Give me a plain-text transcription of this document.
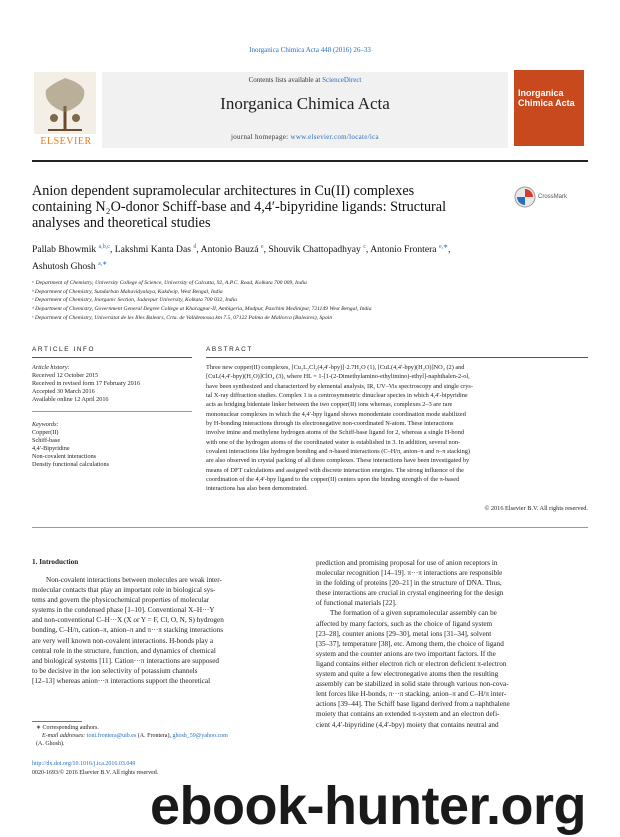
Inorganica Chimica Acta 448 (2016) 26–33
ELSEVIER
Contents lists available at ScienceDirect
Inorganica Chimica Acta
journal homepage: www.elsevier.com/locate/ica
Inorganica Chimica Acta
Anion dependent supramolecular architectures in Cu(II) complexes
containing N₂O-donor Schiff-base and 4,4′-bipyridine ligands: Structural
analyses and theoretical studies
CrossMark
Pallab Bhowmik $^{a,b,c}$, Lakshmi Kanta Das $^d$, Antonio Bauzá $^e$, Shouvik Chattopadhyay $^c$, Antonio Frontera $^{e,∗}$,
Ashutosh Ghosh $^{a,∗}$
ᵃ Department of Chemistry, University College of Science, University of Calcutta, 92, A.P.C. Road, Kolkata 700 009, India
ᵇ Department of Chemistry, Sundarban Mahavidyalaya, Kakdwip, West Bengal, India
ᶜ Department of Chemistry, Inorganic Section, Jadavpur University, Kolkata 700 032, India
ᵈ Department of Chemistry, Government General Degree College at Kharagpur-II, Ambigeria, Madpur, Paschim Medinipur, 721149 West Bengal, India
ᵉ Department of Chemistry, Universitat de les Illes Balears, Crta. de Valldemossa km 7.5, 07122 Palma de Mallorca (Baleares), Spain
ARTICLE INFO
Article history:
Received 12 October 2015
Received in revised form 17 February 2016
Accepted 30 March 2016
Available online 12 April 2016
Keywords:
Copper(II)
Schiff-base
4,4′-Bipyridine
Non-covalent interactions
Density functional calculations
ABSTRACT
Three new copper(II) complexes, [Cu₂L₂Cl₂(4,4′-bpy)]·2.7H₂O (1), [CuL(4,4′-bpy)(H₂O)]NO₃ (2) and
[CuL(4,4′-bpy)(H₂O)]ClO₄ (3), where HL = 1-[1-(2-Dimethylamino-ethylimino)-ethyl]-naphthalen-2-ol,
have been synthesized and characterized by elemental analysis, IR, UV–Vis spectroscopy and single crys-
tal X-ray diffraction studies. Complex 1 is a centrosymmetric dinuclear species in which 4,4′-bipyridine
acts as bridging bidentate linker between the two copper(II) ions whereas, complexes 2–3 are rare
mononuclear complexes in which the 4,4′-bpy ligand shows monodentate coordination mode stabilized
by H-bonding interactions through its electronegative non-coordinated N-atom. These interactions
involve imine and methylene hydrogen atoms of the Schiff-base ligand for 2, whereas a single H-bond
with one of the hydrogen atoms of the coordinated water is established in 3. In addition, several non-
covalent interactions like hydrogen bonding and π-based interactions (C–H/π, anion–π and π–π stacking)
are also observed in crystal packing of all three complexes. These interactions have been investigated by
means of DFT calculations and assigned with discrete interaction energies. The strong influence of the
coordination of the 4,4′-bpy ligand to the copper(II) centers upon the binding strength of the π-based
interactions has also been demonstrated.
© 2016 Elsevier B.V. All rights reserved.
1. Introduction
Non-covalent interactions between molecules are weak inter-
molecular contacts that play an important role in biological sys-
tems and govern the physicochemical properties of molecular
systems in the condensed phase [1–10]. Conventional X–H···Y
and non-conventional C–H···X (X or Y = F, Cl, O, N, S) hydrogen
bonding, C–H/π, cation–π, anion–π and π···π stacking interactions
are very well known non-covalent interactions. H-bonds play a
central role in the structure, function, and dynamics of chemical
and biological systems [11]. Cation···π interactions are supposed
to be decisive in the ion selectivity of potassium channels
[12–13] whereas anion···π interactions support the theoretical
prediction and promising proposal for use of anion receptors in
molecular recognition [14–19]. π···π interactions are responsible
in the folding of proteins [20–21] in the structure of DNA. Thus,
these interactions are crucial in crystal engineering for the design
of functional materials [22].
The formation of a given supramolecular assembly can be
affected by many factors, such as the choice of ligand system
[23–28], counter anions [29–30], metal ions [31–34], solvent
[35–37], temperature [38], etc. Among them, the choice of ligand
system and the counter anions are two important factors. If the
ligand contains either electron rich or electron deficient π-electron
system and quite a few electronegative atoms then the resulting
assembly can be stabilized in solid state through various non-cova-
lent forces like H-bonds, π···π stacking, anion–π and C–H/π inter-
actions [39–44]. The Schiff base ligand derived from a naphthalene
moiety that contains an extended π-system and an electron defi-
cient 4,4′-bipyridine (4,4′-bpy) moiety that contains neutral and
∗ Corresponding authors.
E-mail addresses: toni.frontera@uib.es (A. Frontera), ghosh_59@yahoo.com
(A. Ghosh).
http://dx.doi.org/10.1016/j.ica.2016.03.049
0020-1693/© 2016 Elsevier B.V. All rights reserved.
ebook-hunter.org
